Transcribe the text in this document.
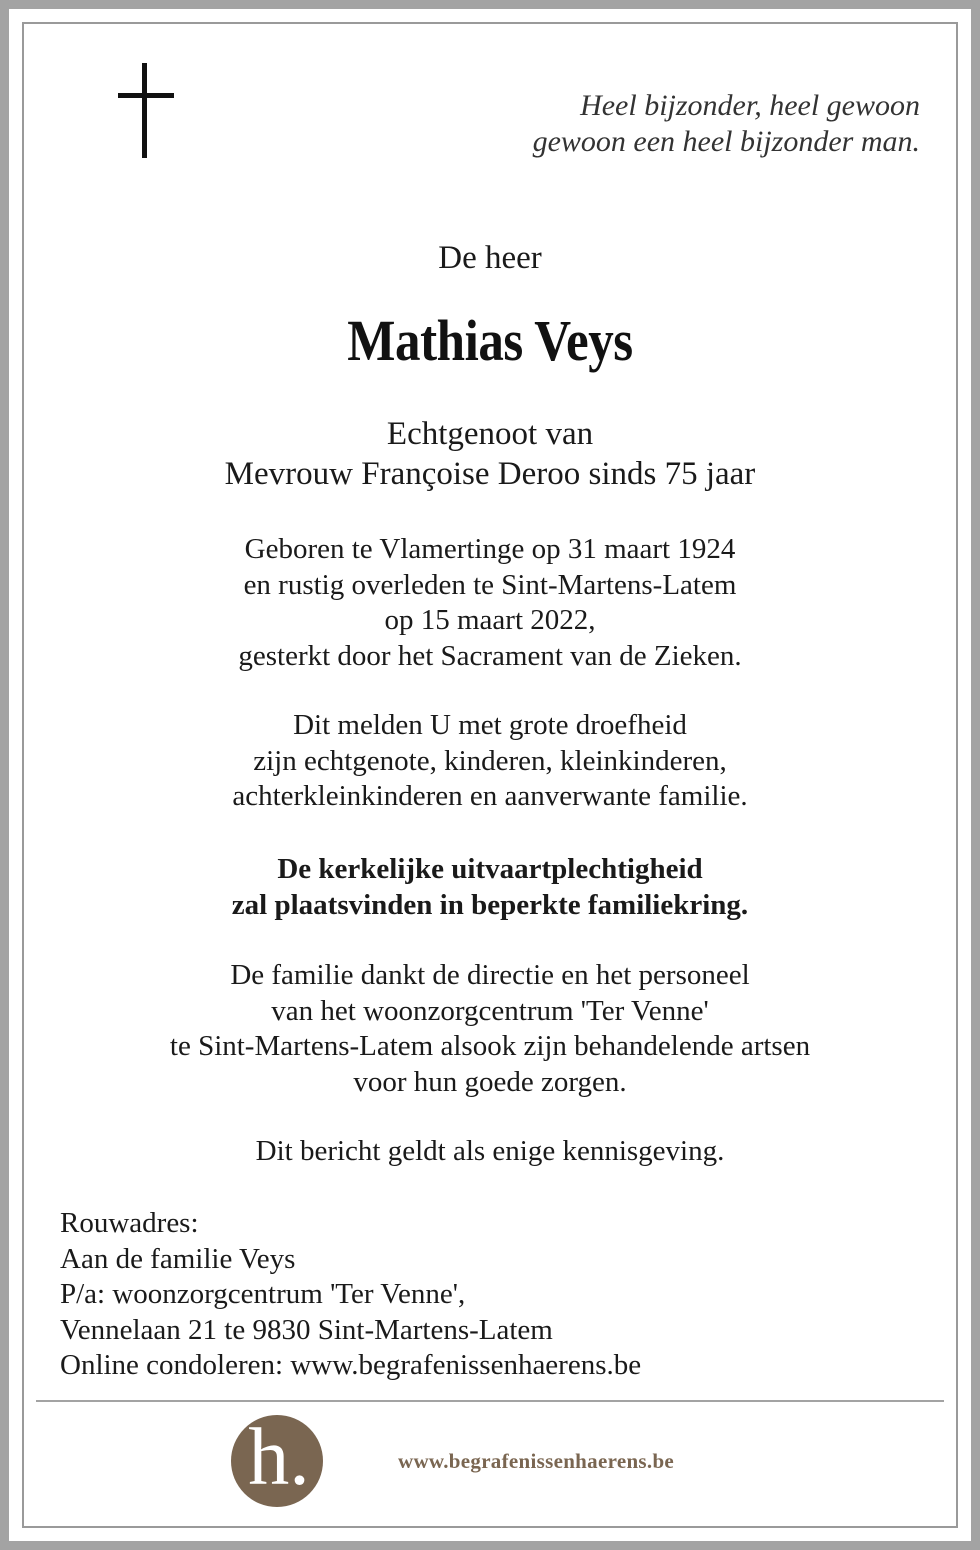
Heel bijzonder, heel gewoon
gewoon een heel bijzonder man.
De heer
Mathias Veys
Echtgenoot van
Mevrouw Françoise Deroo sinds 75 jaar
Geboren te Vlamertinge op 31 maart 1924
en rustig overleden te Sint-Martens-Latem
op 15 maart 2022,
gesterkt door het Sacrament van de Zieken.
Dit melden U met grote droefheid
zijn echtgenote, kinderen, kleinkinderen,
achterkleinkinderen en aanverwante familie.
De kerkelijke uitvaartplechtigheid
zal plaatsvinden in beperkte familiekring.
De familie dankt de directie en het personeel
van het woonzorgcentrum 'Ter Venne'
te Sint-Martens-Latem alsook zijn behandelende artsen
voor hun goede zorgen.
Dit bericht geldt als enige kennisgeving.
Rouwadres:
Aan de familie Veys
P/a: woonzorgcentrum 'Ter Venne',
Vennelaan 21 te 9830 Sint-Martens-Latem
Online condoleren: www.begrafenissenhaerens.be
h.	www.begrafenissenhaerens.be
